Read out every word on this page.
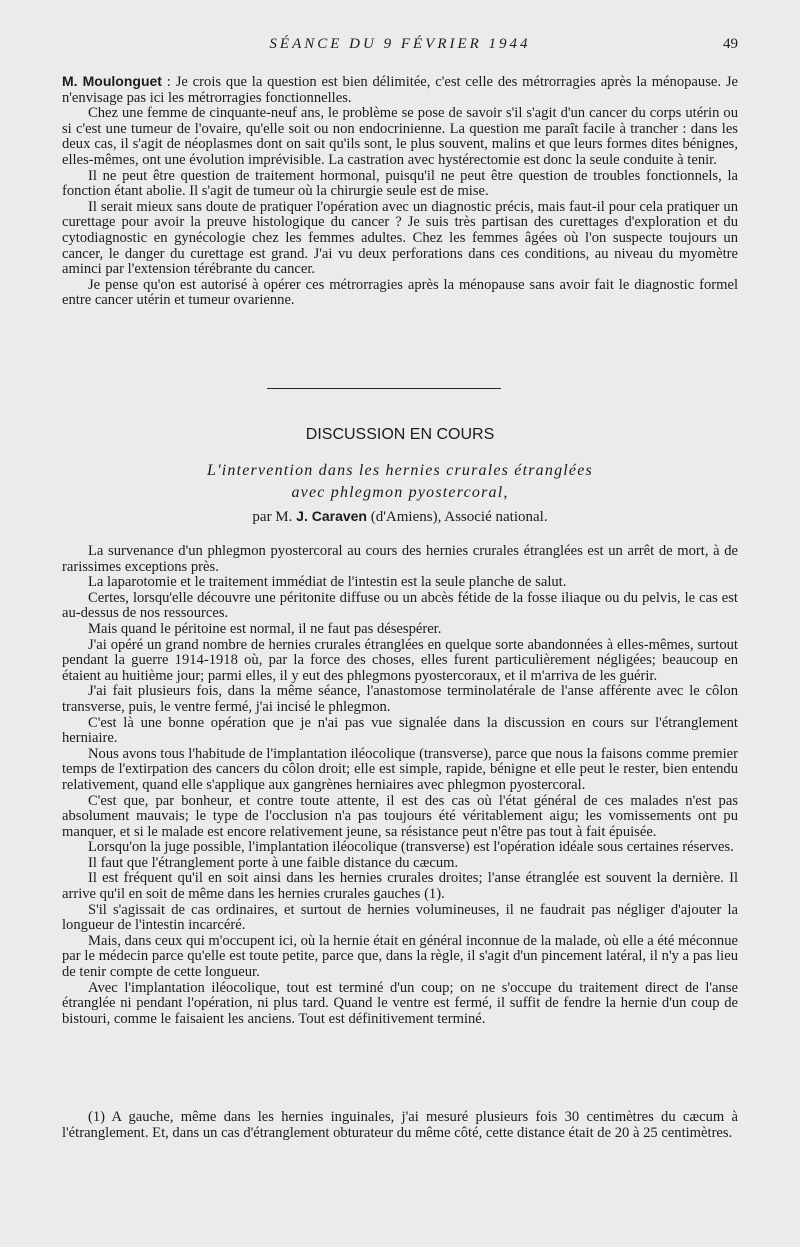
SÉANCE DU 9 FÉVRIER 1944	49

M. Moulonguet : Je crois que la question est bien délimitée, c'est celle des métrorragies après la ménopause. Je n'envisage pas ici les métrorragies fonctionnelles.

Chez une femme de cinquante-neuf ans, le problème se pose de savoir s'il s'agit d'un cancer du corps utérin ou si c'est une tumeur de l'ovaire, qu'elle soit ou non endocrinienne. La question me paraît facile à trancher : dans les deux cas, il s'agit de néoplasmes dont on sait qu'ils sont, le plus souvent, malins et que leurs formes dites bénignes, elles-mêmes, ont une évolution imprévisible. La castration avec hystérectomie est donc la seule conduite à tenir.

Il ne peut être question de traitement hormonal, puisqu'il ne peut être question de troubles fonctionnels, la fonction étant abolie. Il s'agit de tumeur où la chirurgie seule est de mise.

Il serait mieux sans doute de pratiquer l'opération avec un diagnostic précis, mais faut-il pour cela pratiquer un curettage pour avoir la preuve histologique du cancer ? Je suis très partisan des curettages d'exploration et du cytodiagnostic en gynécologie chez les femmes adultes. Chez les femmes âgées où l'on suspecte toujours un cancer, le danger du curettage est grand. J'ai vu deux perforations dans ces conditions, au niveau du myomètre aminci par l'extension térébrante du cancer.

Je pense qu'on est autorisé à opérer ces métrorragies après la ménopause sans avoir fait le diagnostic formel entre cancer utérin et tumeur ovarienne.

DISCUSSION EN COURS
L'intervention dans les hernies crurales étranglées
avec phlegmon pyostercoral,
par M. J. Caraven (d'Amiens), Associé national.

La survenance d'un phlegmon pyostercoral au cours des hernies crurales étranglées est un arrêt de mort, à de rarissimes exceptions près.

La laparotomie et le traitement immédiat de l'intestin est la seule planche de salut.

Certes, lorsqu'elle découvre une péritonite diffuse ou un abcès fétide de la fosse iliaque ou du pelvis, le cas est au-dessus de nos ressources.

Mais quand le péritoine est normal, il ne faut pas désespérer.

J'ai opéré un grand nombre de hernies crurales étranglées en quelque sorte abandonnées à elles-mêmes, surtout pendant la guerre 1914-1918 où, par la force des choses, elles furent particulièrement négligées; beaucoup en étaient au huitième jour; parmi elles, il y eut des phlegmons pyostercoraux, et il m'arriva de les guérir.

J'ai fait plusieurs fois, dans la même séance, l'anastomose terminolatérale de l'anse afférente avec le côlon transverse, puis, le ventre fermé, j'ai incisé le phlegmon.

C'est là une bonne opération que je n'ai pas vue signalée dans la discussion en cours sur l'étranglement herniaire.

Nous avons tous l'habitude de l'implantation iléocolique (transverse), parce que nous la faisons comme premier temps de l'extirpation des cancers du côlon droit; elle est simple, rapide, bénigne et elle peut le rester, bien entendu relativement, quand elle s'applique aux gangrènes herniaires avec phlegmon pyostercoral.

C'est que, par bonheur, et contre toute attente, il est des cas où l'état général de ces malades n'est pas absolument mauvais; le type de l'occlusion n'a pas toujours été véritablement aigu; les vomissements ont pu manquer, et si le malade est encore relativement jeune, sa résistance peut n'être pas tout à fait épuisée.

Lorsqu'on la juge possible, l'implantation iléocolique (transverse) est l'opération idéale sous certaines réserves.

Il faut que l'étranglement porte à une faible distance du cæcum.

Il est fréquent qu'il en soit ainsi dans les hernies crurales droites; l'anse étranglée est souvent la dernière. Il arrive qu'il en soit de même dans les hernies crurales gauches (1).

S'il s'agissait de cas ordinaires, et surtout de hernies volumineuses, il ne faudrait pas négliger d'ajouter la longueur de l'intestin incarcéré.

Mais, dans ceux qui m'occupent ici, où la hernie était en général inconnue de la malade, où elle a été méconnue par le médecin parce qu'elle est toute petite, parce que, dans la règle, il s'agit d'un pincement latéral, il n'y a pas lieu de tenir compte de cette longueur.

Avec l'implantation iléocolique, tout est terminé d'un coup; on ne s'occupe du traitement direct de l'anse étranglée ni pendant l'opération, ni plus tard. Quand le ventre est fermé, il suffit de fendre la hernie d'un coup de bistouri, comme le faisaient les anciens. Tout est définitivement terminé.

(1) A gauche, même dans les hernies inguinales, j'ai mesuré plusieurs fois 30 centimètres du cæcum à l'étranglement. Et, dans un cas d'étranglement obturateur du même côté, cette distance était de 20 à 25 centimètres.
